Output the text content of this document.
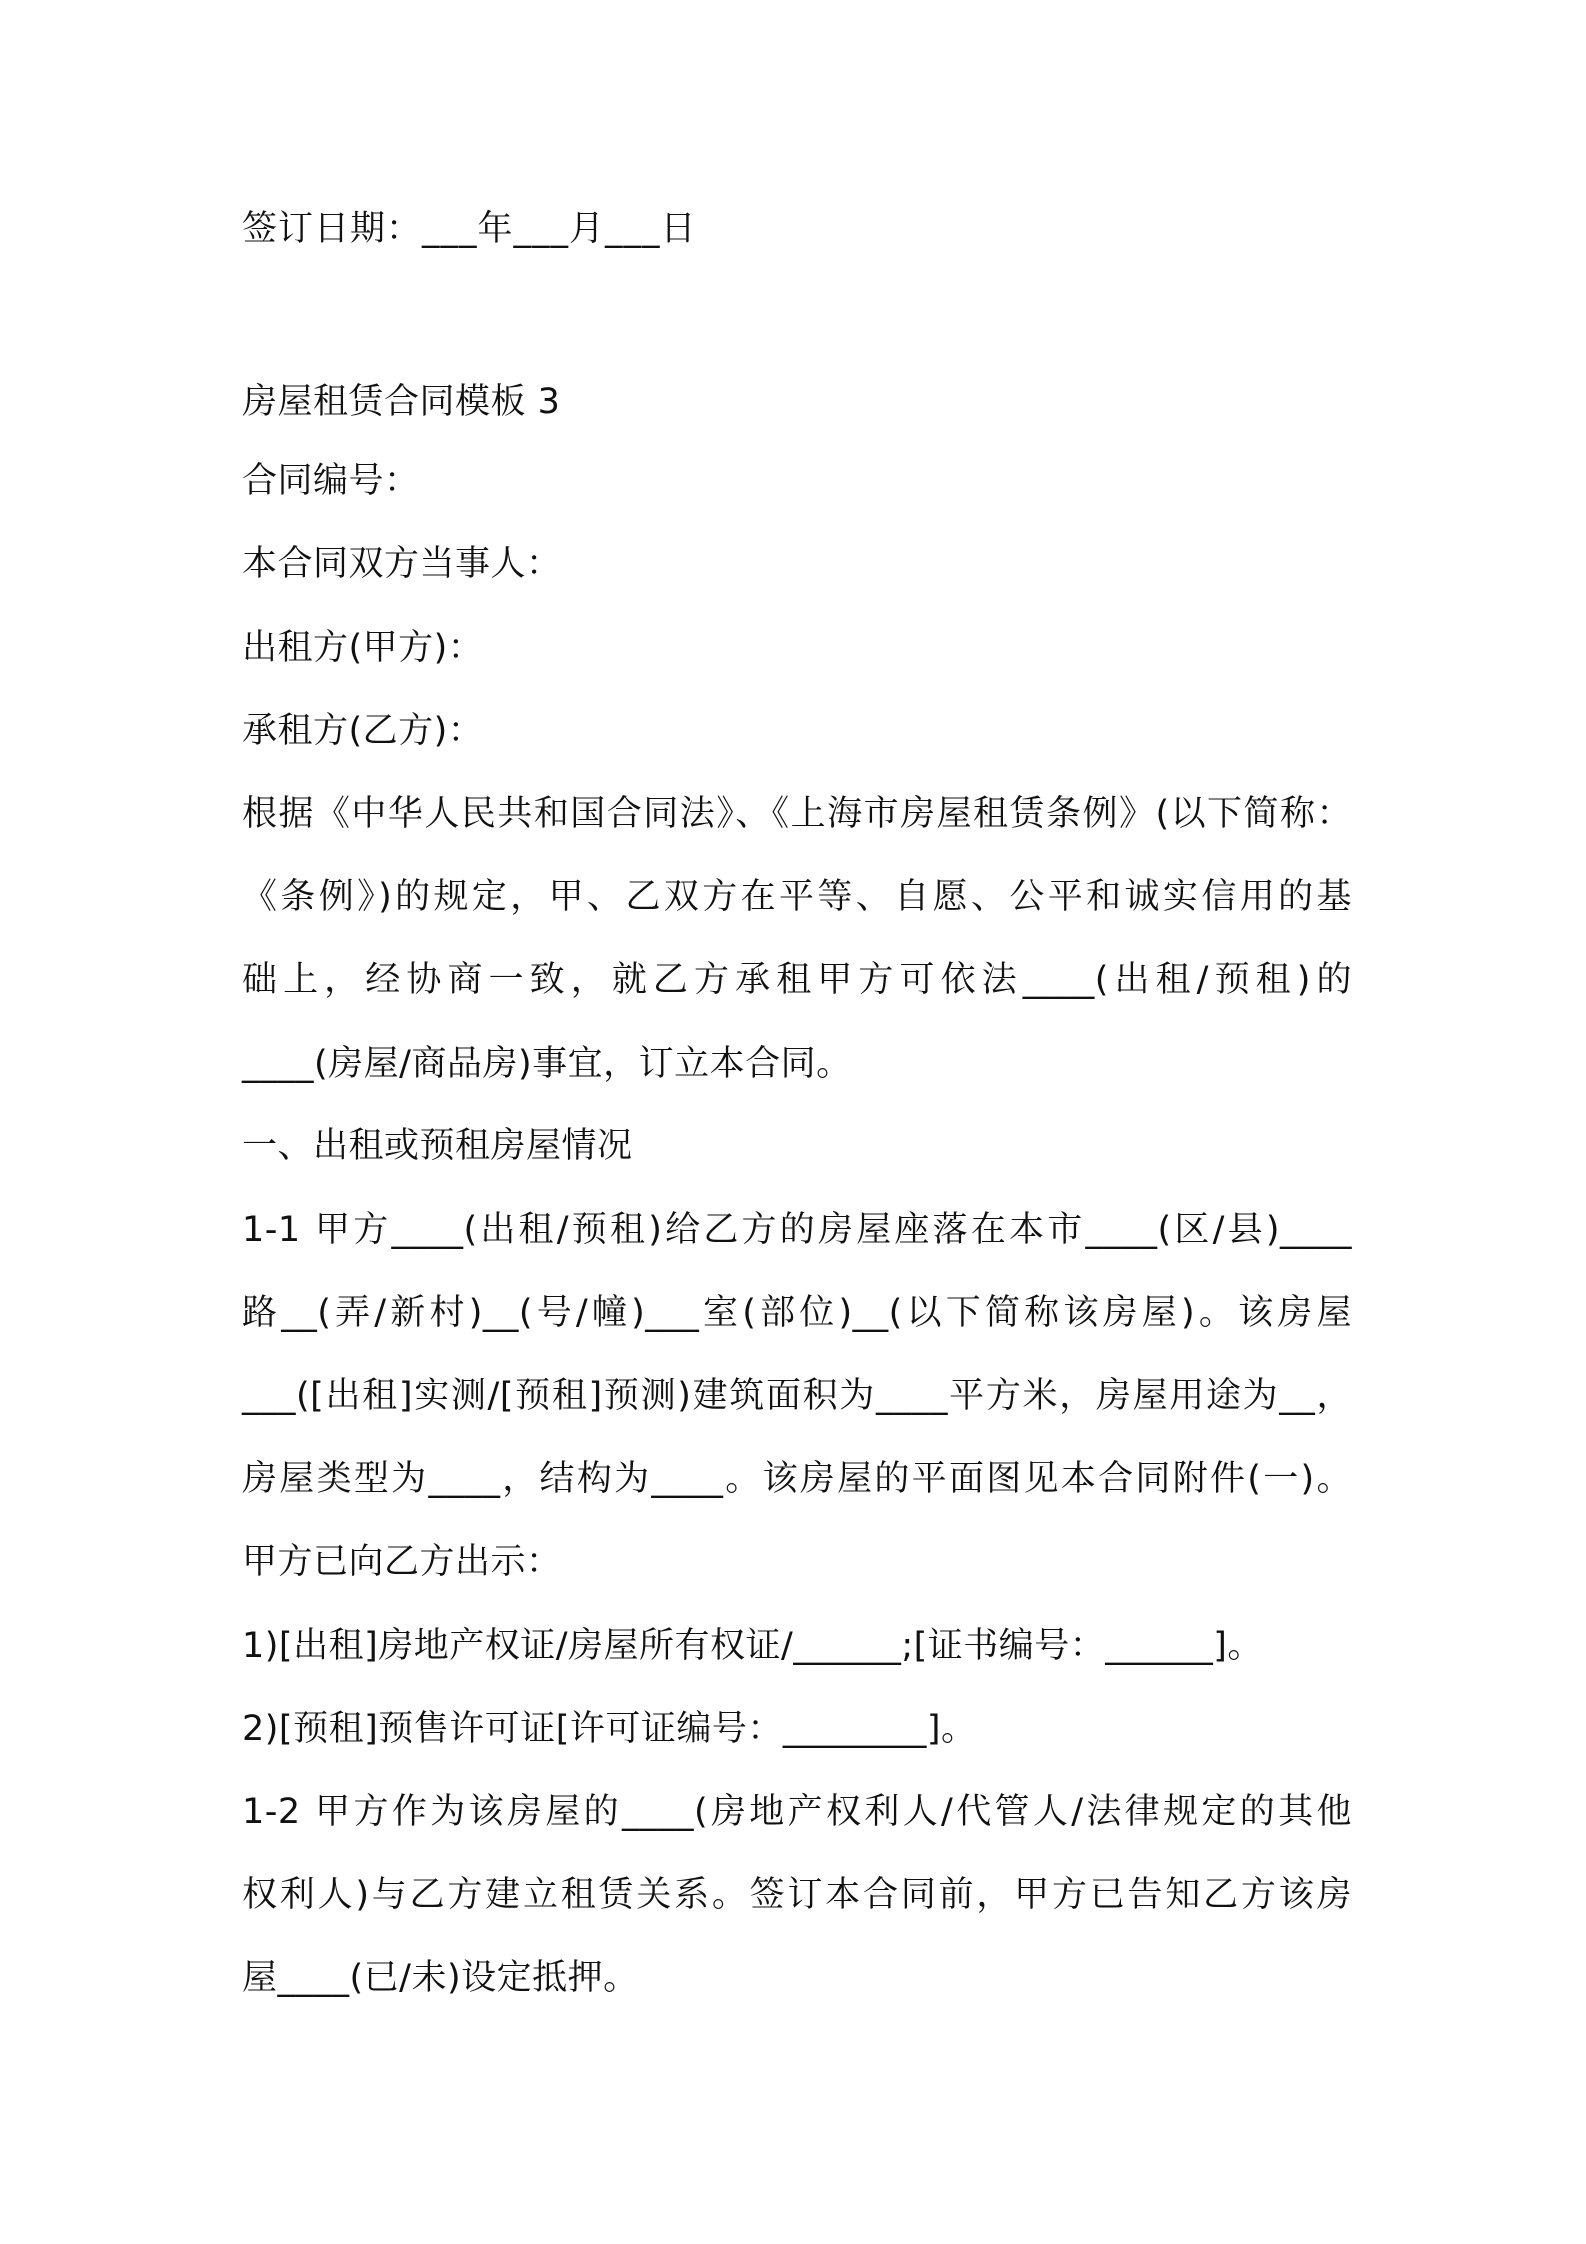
签订日期：___年___月___日
房屋租赁合同模板 3
合同编号：
本合同双方当事人：
出租方(甲方)：
承租方(乙方)：
根据《中华人民共和国合同法》、《上海市房屋租赁条例》(以下简称：
《条例》)的规定，甲、乙双方在平等、自愿、公平和诚实信用的基
础上，经协商一致，就乙方承租甲方可依法____(出租/预租)的
____(房屋/商品房)事宜，订立本合同。
一、出租或预租房屋情况
1-1 甲方____(出租/预租)给乙方的房屋座落在本市____(区/县)____
路__(弄/新村)__(号/幢)___室(部位)__(以下简称该房屋)。该房屋
___([出租]实测/[预租]预测)建筑面积为____平方米，房屋用途为__，
房屋类型为____，结构为____。该房屋的平面图见本合同附件(一)。
甲方已向乙方出示：
1)[出租]房地产权证/房屋所有权证/______;[证书编号：______]。
2)[预租]预售许可证[许可证编号：________]。
1-2 甲方作为该房屋的____(房地产权利人/代管人/法律规定的其他
权利人)与乙方建立租赁关系。签订本合同前，甲方已告知乙方该房
屋____(已/未)设定抵押。
